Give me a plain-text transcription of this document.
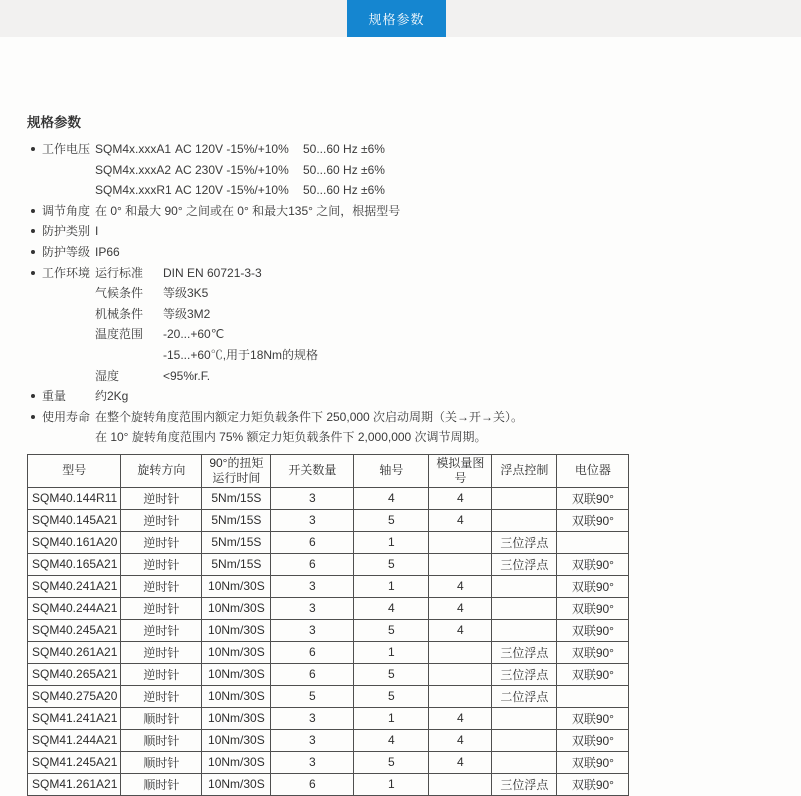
规格参数
规格参数
工作电压 SQM4x.xxxA1 AC 120V -15%/+10% 50...60 Hz ±6%
SQM4x.xxxA2 AC 230V -15%/+10% 50...60 Hz ±6%
SQM4x.xxxR1 AC 120V -15%/+10% 50...60 Hz ±6%
调节角度 在 0° 和最大 90° 之间或在 0° 和最大135° 之间，根据型号
防护类别 I
防护等级 IP66
工作环境 运行标准 DIN EN 60721-3-3
气候条件 等级3K5
机械条件 等级3M2
温度范围 -20...+60℃
-15...+60℃,用于18Nm的规格
湿度	<95%r.F.
重量	约2Kg
使用寿命 在整个旋转角度范围内额定力矩负载条件下 250,000 次启动周期（关→开→关）。
在 10° 旋转角度范围内 75% 额定力矩负载条件下 2,000,000 次调节周期。
型号	旋转方向	90°的扭矩运行时间	开关数量	轴号	模拟量图号	浮点控制	电位器
SQM40.144R11	逆时针	5Nm/15S	3	4	4		双联90°
SQM40.145A21	逆时针	5Nm/15S	3	5	4		双联90°
SQM40.161A20	逆时针	5Nm/15S	6	1		三位浮点	
SQM40.165A21	逆时针	5Nm/15S	6	5		三位浮点	双联90°
SQM40.241A21	逆时针	10Nm/30S	3	1	4		双联90°
SQM40.244A21	逆时针	10Nm/30S	3	4	4		双联90°
SQM40.245A21	逆时针	10Nm/30S	3	5	4		双联90°
SQM40.261A21	逆时针	10Nm/30S	6	1		三位浮点	双联90°
SQM40.265A21	逆时针	10Nm/30S	6	5		三位浮点	双联90°
SQM40.275A20	逆时针	10Nm/30S	5	5		二位浮点	
SQM41.241A21	顺时针	10Nm/30S	3	1	4		双联90°
SQM41.244A21	顺时针	10Nm/30S	3	4	4		双联90°
SQM41.245A21	顺时针	10Nm/30S	3	5	4		双联90°
SQM41.261A21	顺时针	10Nm/30S	6	1		三位浮点	双联90°
